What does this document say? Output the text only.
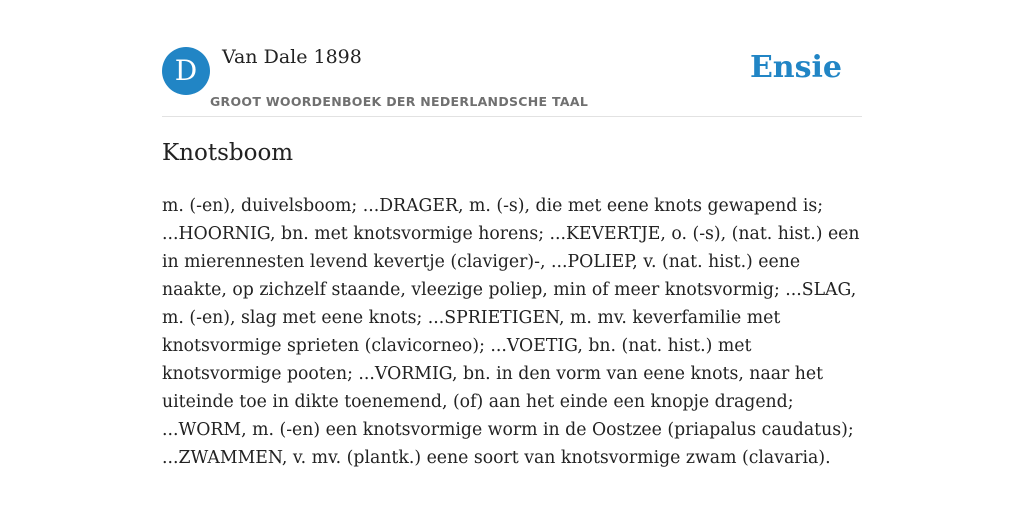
D	Van Dale 1898
GROOT WOORDENBOEK DER NEDERLANDSCHE TAAL
Ensie
Knotsboom

m. (-en), duivelsboom; ...DRAGER, m. (-s), die met eene knots gewapend is; ...HOORNIG, bn. met knotsvormige horens; ...KEVERTJE, o. (-s), (nat. hist.) een in mierennesten levend kevertje (claviger)-, ...POLIEP, v. (nat. hist.) eene naakte, op zichzelf staande, vleezige poliep, min of meer knotsvormig; ...SLAG, m. (-en), slag met eene knots; ...SPRIETIGEN, m. mv. keverfamilie met knotsvormige sprieten (clavicorneo); ...VOETIG, bn. (nat. hist.) met knotsvormige pooten; ...VORMIG, bn. in den vorm van eene knots, naar het uiteinde toe in dikte toenemend, (of) aan het einde een knopje dragend; ...WORM, m. (-en) een knotsvormige worm in de Oostzee (priapalus caudatus); ...ZWAMMEN, v. mv. (plantk.) eene soort van knotsvormige zwam (clavaria).
